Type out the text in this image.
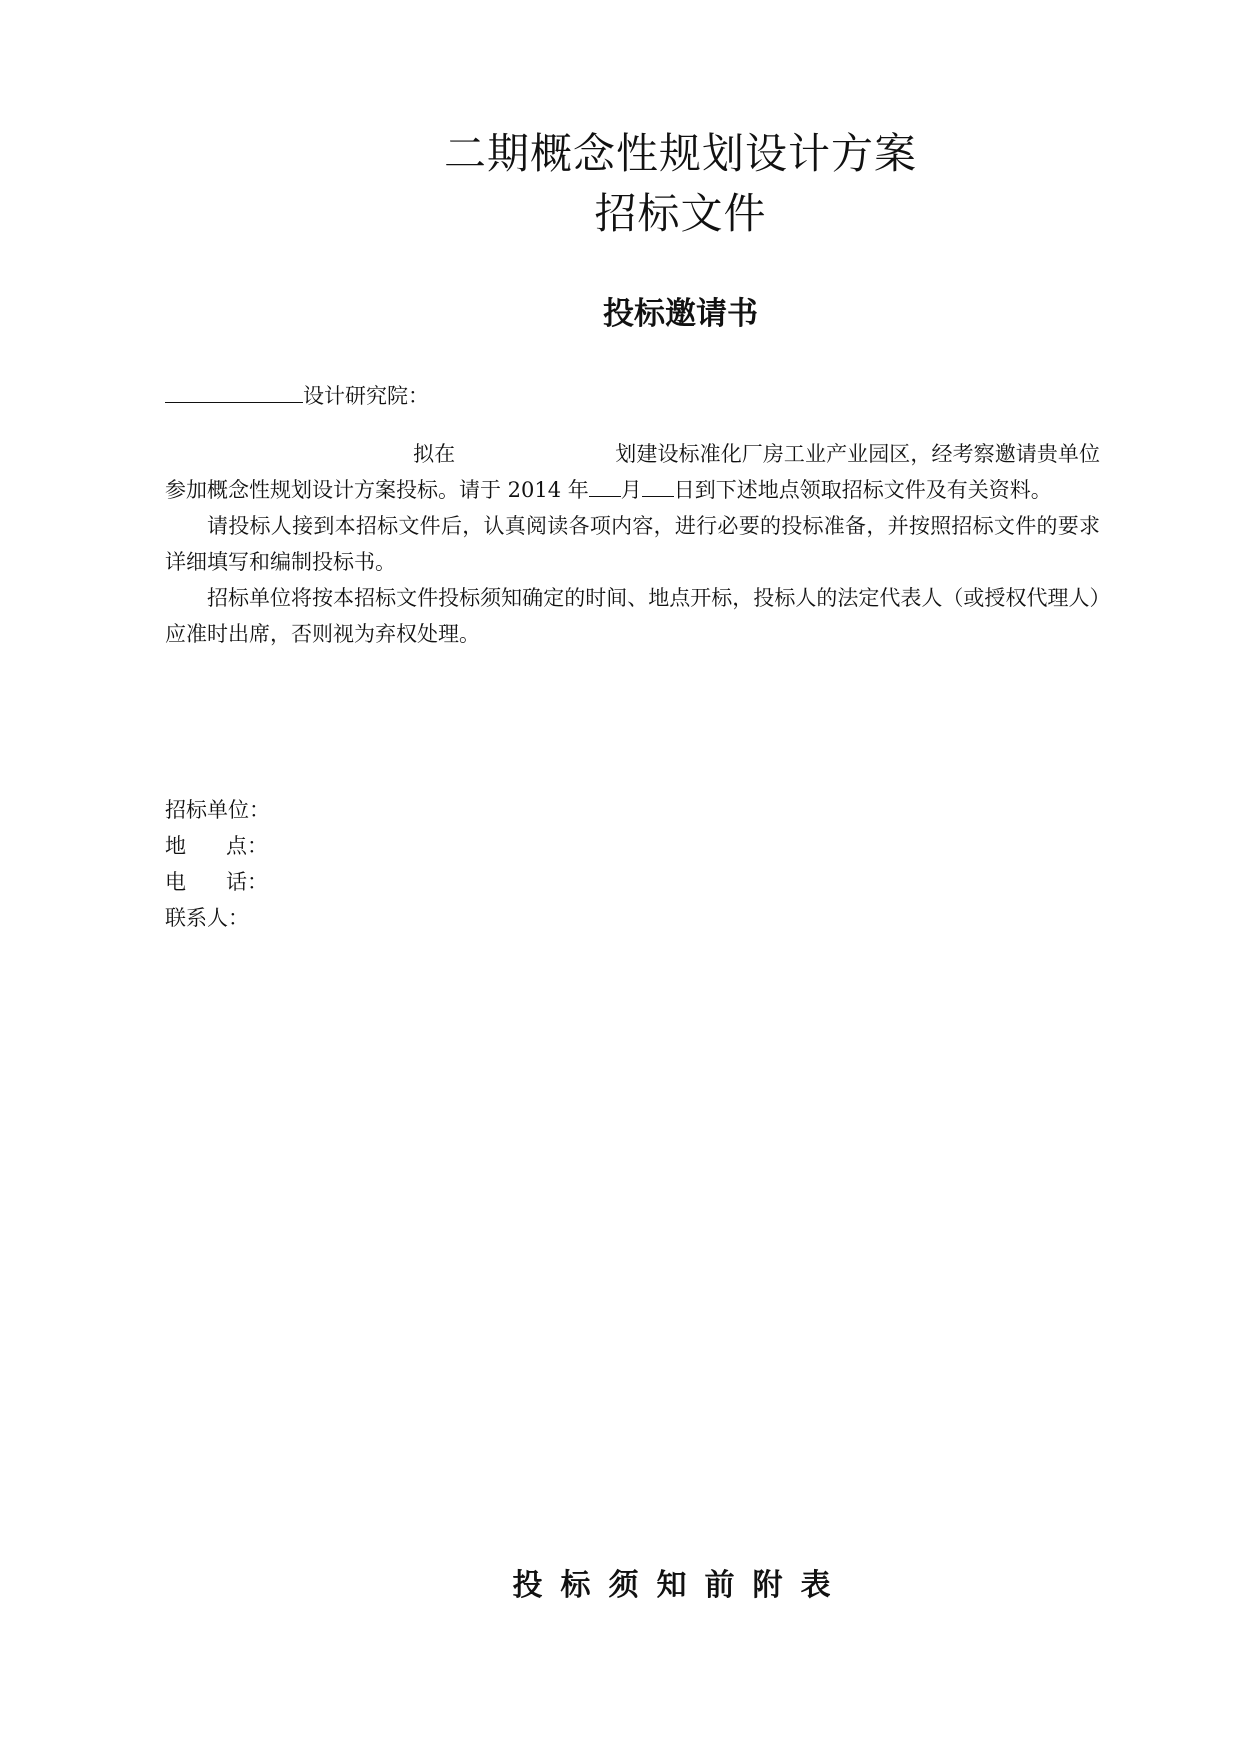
二期概念性规划设计方案
招标文件
投标邀请书
设计研究院：

拟在	划建设标准化厂房工业产业园区，经考察邀请贵单位参加概念性规划设计方案投标。请于 2014 年 月 日到下述地点领取招标文件及有关资料。

请投标人接到本招标文件后，认真阅读各项内容，进行必要的投标准备，并按照招标文件的要求详细填写和编制投标书。

招标单位将按本招标文件投标须知确定的时间、地点开标，投标人的法定代表人（或授权代理人）应准时出席，否则视为弃权处理。

招标单位：
地      点：
电      话：
联系人：
投标须知前附表
